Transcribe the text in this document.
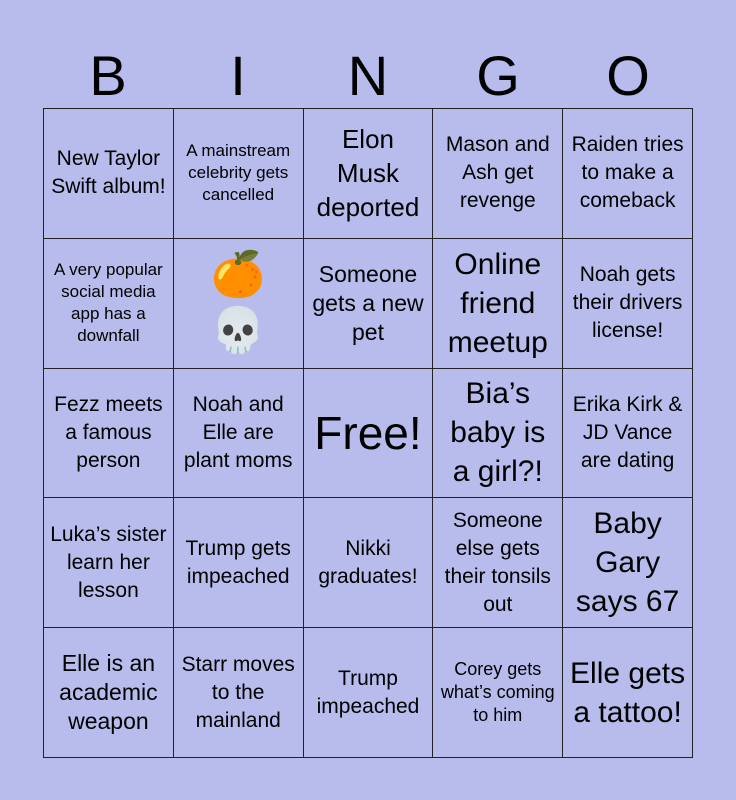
B	I	N	G	O
New Taylor Swift album!
A mainstream celebrity gets cancelled
Elon Musk deported
Mason and Ash get revenge
Raiden tries to make a comeback
A very popular social media app has a downfall
🍊💀
Someone gets a new pet
Online friend meetup
Noah gets their drivers license!
Fezz meets a famous person
Noah and Elle are plant moms
Free!
Bia’s baby is a girl?!
Erika Kirk & JD Vance are dating
Luka’s sister learn her lesson
Trump gets impeached
Nikki graduates!
Someone else gets their tonsils out
Baby Gary says 67
Elle is an academic weapon
Starr moves to the mainland
Trump impeached
Corey gets what’s coming to him
Elle gets a tattoo!
